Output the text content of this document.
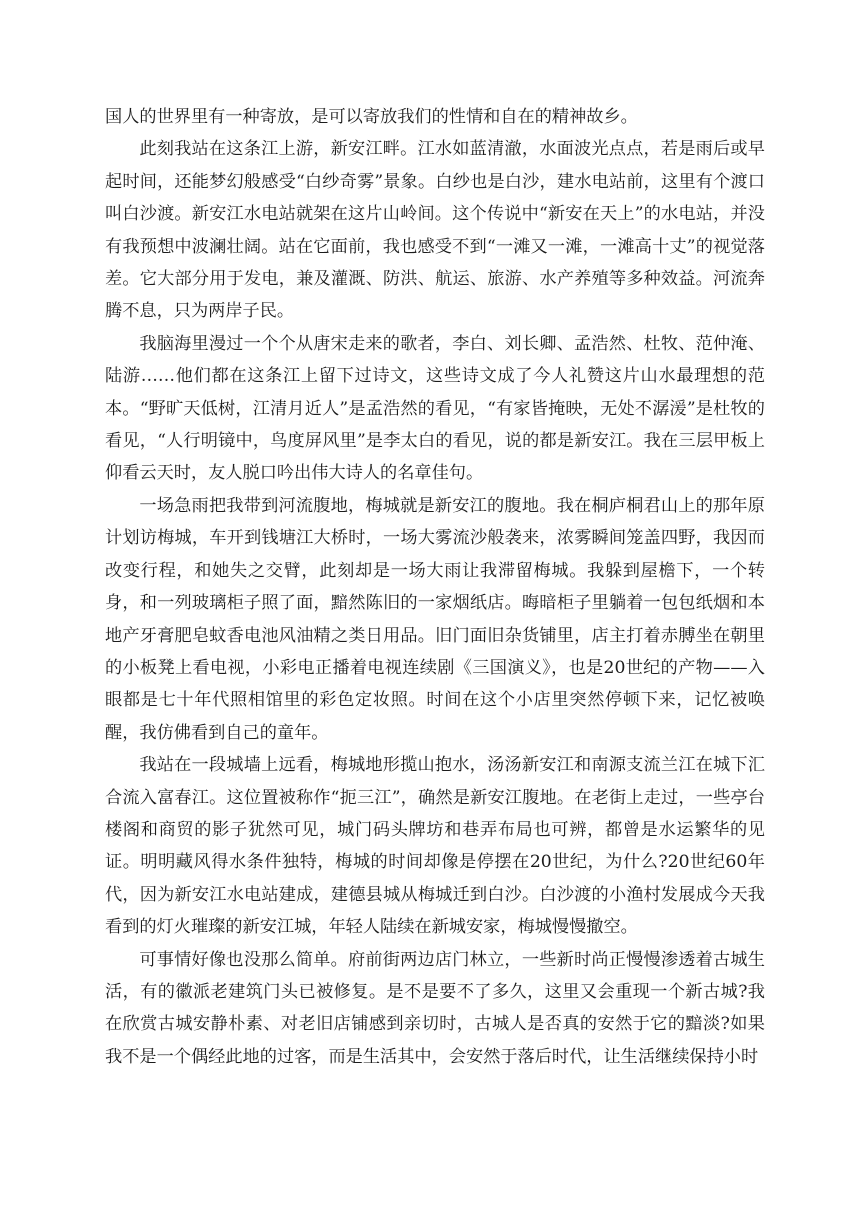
国人的世界里有一种寄放，是可以寄放我们的性情和自在的精神故乡。

此刻我站在这条江上游，新安江畔。江水如蓝清澈，水面波光点点，若是雨后或早起时间，还能梦幻般感受“白纱奇雾”景象。白纱也是白沙，建水电站前，这里有个渡口叫白沙渡。新安江水电站就架在这片山岭间。这个传说中“新安在天上”的水电站，并没有我预想中波澜壮阔。站在它面前，我也感受不到“一滩又一滩，一滩高十丈”的视觉落差。它大部分用于发电，兼及灌溉、防洪、航运、旅游、水产养殖等多种效益。河流奔腾不息，只为两岸子民。

我脑海里漫过一个个从唐宋走来的歌者，李白、刘长卿、孟浩然、杜牧、范仲淹、陆游……他们都在这条江上留下过诗文，这些诗文成了今人礼赞这片山水最理想的范本。“野旷天低树，江清月近人”是孟浩然的看见，“有家皆掩映，无处不潺湲”是杜牧的看见，“人行明镜中，鸟度屏风里”是李太白的看见，说的都是新安江。我在三层甲板上仰看云天时，友人脱口吟出伟大诗人的名章佳句。

一场急雨把我带到河流腹地，梅城就是新安江的腹地。我在桐庐桐君山上的那年原计划访梅城，车开到钱塘江大桥时，一场大雾流沙般袭来，浓雾瞬间笼盖四野，我因而改变行程，和她失之交臂，此刻却是一场大雨让我滞留梅城。我躲到屋檐下，一个转身，和一列玻璃柜子照了面，黯然陈旧的一家烟纸店。晦暗柜子里躺着一包包纸烟和本地产牙膏肥皂蚊香电池风油精之类日用品。旧门面旧杂货铺里，店主打着赤膊坐在朝里的小板凳上看电视，小彩电正播着电视连续剧《三国演义》，也是20世纪的产物——入眼都是七十年代照相馆里的彩色定妆照。时间在这个小店里突然停顿下来，记忆被唤醒，我仿佛看到自己的童年。

我站在一段城墙上远看，梅城地形揽山抱水，汤汤新安江和南源支流兰江在城下汇合流入富春江。这位置被称作“扼三江”，确然是新安江腹地。在老街上走过，一些亭台楼阁和商贸的影子犹然可见，城门码头牌坊和巷弄布局也可辨，都曾是水运繁华的见证。明明藏风得水条件独特，梅城的时间却像是停摆在20世纪，为什么?20世纪60年代，因为新安江水电站建成，建德县城从梅城迁到白沙。白沙渡的小渔村发展成今天我看到的灯火璀璨的新安江城，年轻人陆续在新城安家，梅城慢慢撤空。

可事情好像也没那么简单。府前街两边店门林立，一些新时尚正慢慢渗透着古城生活，有的徽派老建筑门头已被修复。是不是要不了多久，这里又会重现一个新古城?我在欣赏古城安静朴素、对老旧店铺感到亲切时，古城人是否真的安然于它的黯淡?如果我不是一个偶经此地的过客，而是生活其中，会安然于落后时代，让生活继续保持小时
